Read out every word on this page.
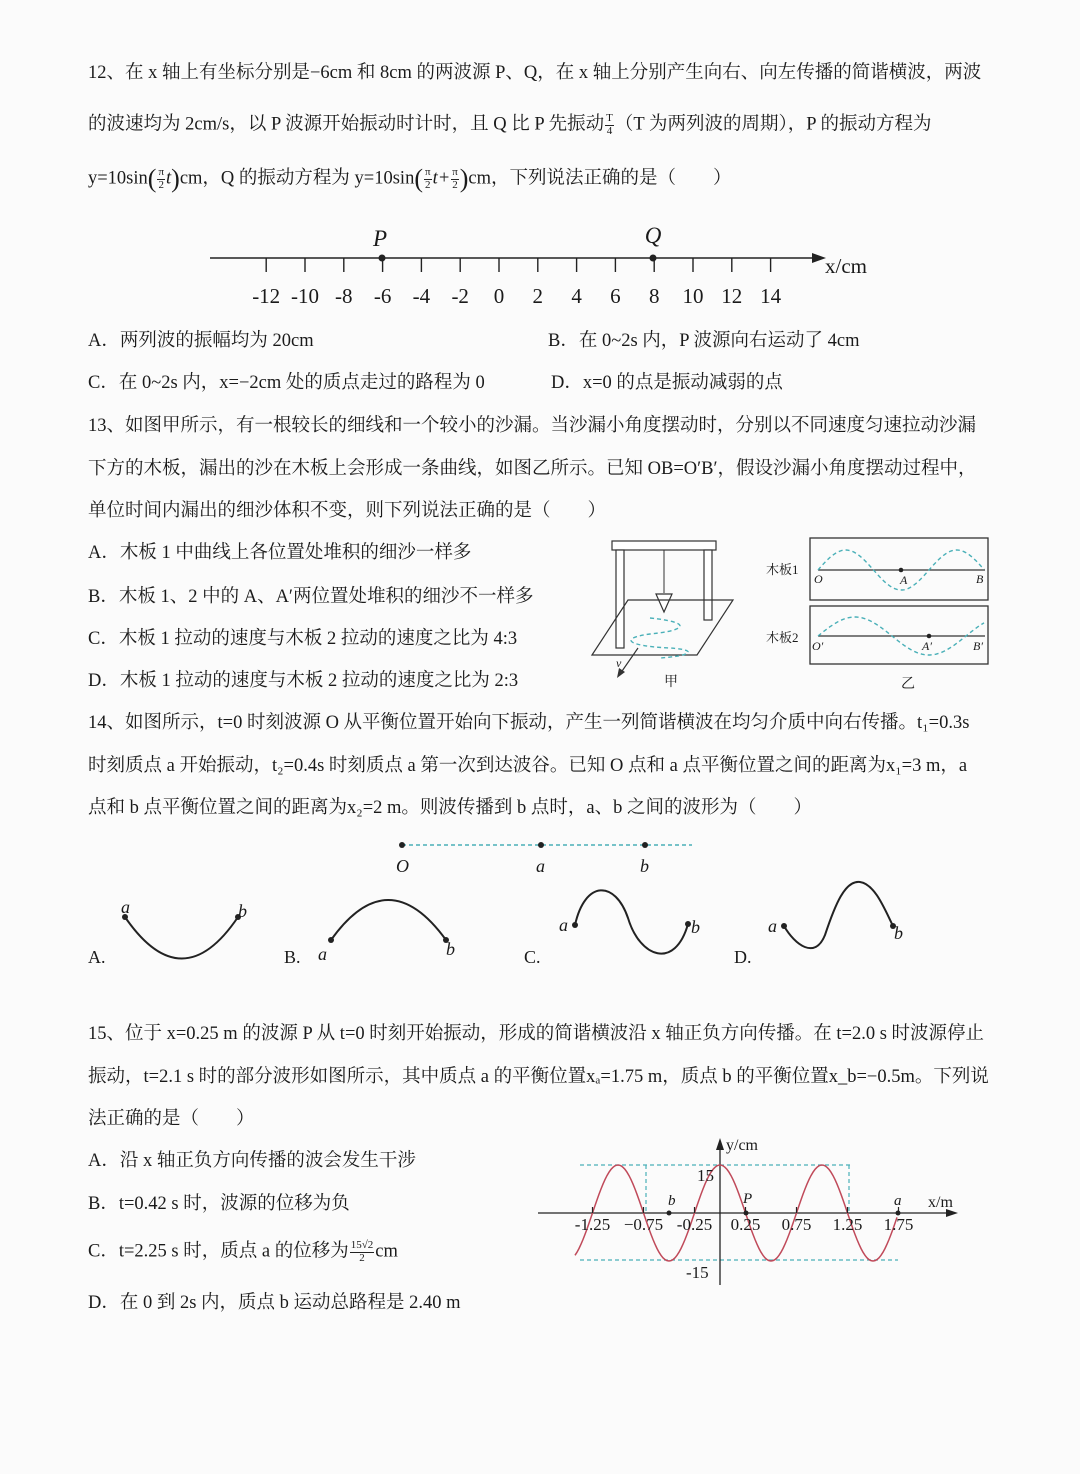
12、在 x 轴上有坐标分别是−6cm 和 8cm 的两波源 P、Q，在 x 轴上分别产生向右、向左传播的简谐横波，两波
的波速均为 2cm/s，以 P 波源开始振动时计时，且 Q 比 P 先振动 $\frac{T}{4} (T$ 为两列波的周期），P 的振动方程为
$y=10\sin( \frac{\pi}{2} t)cm$，Q 的振动方程为 $y=10\sin( \frac{\pi}{2} t+ \frac{\pi}{2} )cm$，下列说法正确的是（　　）
-12 -10 -8 -6 -4 -2 0 2 4 6 8 10 12 14
P	Q
x/cm
A．两列波的振幅均为 20cm	B．在 0~2s 内，P 波源向右运动了 4cm
C．在 0~2s 内，x=−2cm 处的质点走过的路程为 0	D．x=0 的点是振动减弱的点
13、如图甲所示，有一根较长的细线和一个较小的沙漏。当沙漏小角度摆动时，分别以不同速度匀速拉动沙漏
下方的木板，漏出的沙在木板上会形成一条曲线，如图乙所示。已知 OB=O′B′，假设沙漏小角度摆动过程中，
单位时间内漏出的细沙体积不变，则下列说法正确的是（　　）
A．木板 1 中曲线上各位置处堆积的细沙一样多
B．木板 1、2 中的 A、A′两位置处堆积的细沙不一样多
C．木板 1 拉动的速度与木板 2 拉动的速度之比为 4:3
D．木板 1 拉动的速度与木板 2 拉动的速度之比为 2:3
v
甲
O	A	B
O′	A′	B′
木板1
木板2
乙
14、如图所示，t=0 时刻波源 O 从平衡位置开始向下振动，产生一列简谐横波在均匀介质中向右传播。t₁=0.3s
时刻质点 a 开始振动，t₂=0.4s 时刻质点 a 第一次到达波谷。已知 O 点和 a 点平衡位置之间的距离为x₁=3 m，a
点和 b 点平衡位置之间的距离为x₂=2 m。则波传播到 b 点时，a、b 之间的波形为（　　）
O	a	b
a	b
A.	a	b
B.
a	b
C.
a	b
D.
15、位于 x=0.25 m 的波源 P 从 t=0 时刻开始振动，形成的简谐横波沿 x 轴正负方向传播。在 t=2.0 s 时波源停止
振动，t=2.1 s 时的部分波形如图所示，其中质点 a 的平衡位置xₐ=1.75 m，质点 b 的平衡位置x_b=−0.5m。下列说
法正确的是（　　）
A．沿 x 轴正负方向传播的波会发生干涉
B．t=0.42 s 时，波源的位移为负
C．t=2.25 s 时，质点 a 的位移为 $\frac{15√2}{2}$ cm
D．在 0 到 2s 内，质点 b 运动总路程是 2.40 m
-1.25 −0.75 -0.25 0.25 0.75 1.25 1.75
b	P	a
y/cm
x/m
15
-15
